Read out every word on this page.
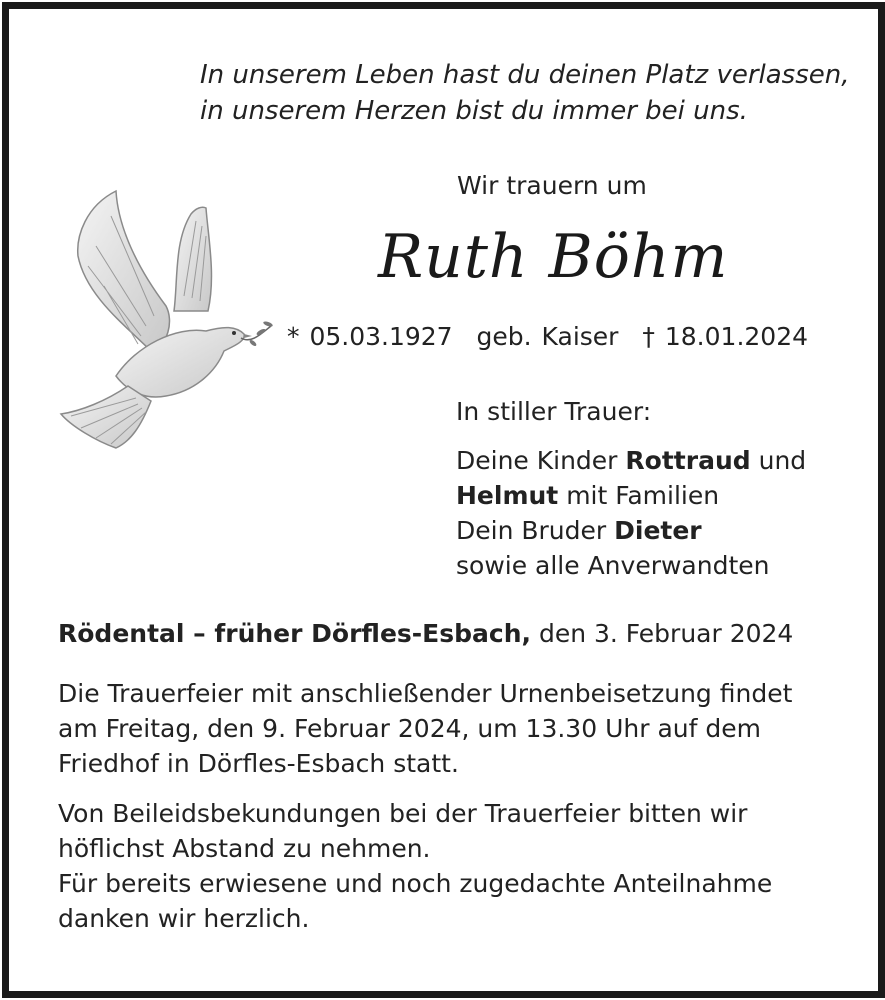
In unserem Leben hast du deinen Platz verlassen,
in unserem Herzen bist du immer bei uns.
Wir trauern um
Ruth Böhm
* 05.03.1927 geb. Kaiser † 18.01.2024
In stiller Trauer:
Deine Kinder Rottraud und
Helmut mit Familien
Dein Bruder Dieter
sowie alle Anverwandten
Rödental – früher Dörfles-Esbach, den 3. Februar 2024
Die Trauerfeier mit anschließender Urnenbeisetzung findet
am Freitag, den 9. Februar 2024, um 13.30 Uhr auf dem
Friedhof in Dörfles-Esbach statt.
Von Beileidsbekundungen bei der Trauerfeier bitten wir
höflichst Abstand zu nehmen.
Für bereits erwiesene und noch zugedachte Anteilnahme
danken wir herzlich.
